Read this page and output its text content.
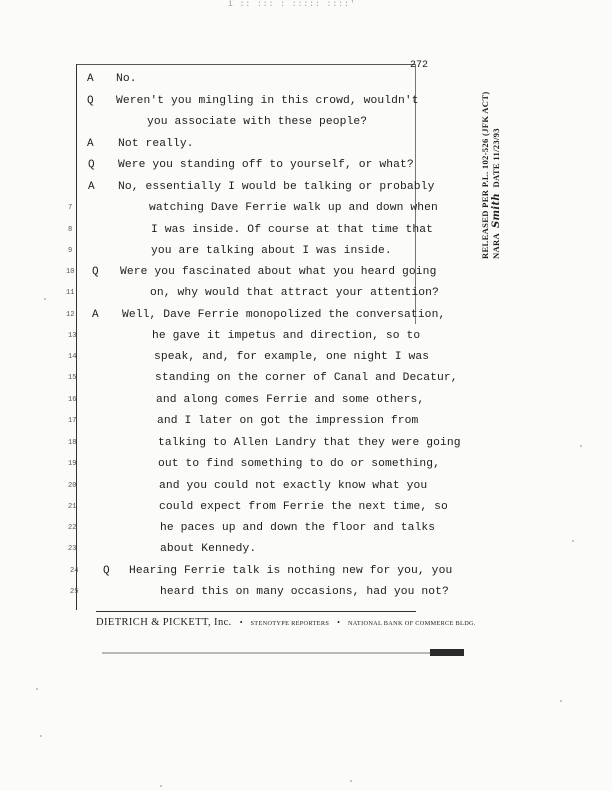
i :: ::: : ::::: ::::'
272
A No.
Q Weren't you mingling in this crowd, wouldn't
you associate with these people?
A Not really.
Q Were you standing off to yourself, or what?
A No, essentially I would be talking or probably
7	watching Dave Ferrie walk up and down when
8	I was inside. Of course at that time that
9	you are talking about I was inside.
10 Q Were you fascinated about what you heard going
11	on, why would that attract your attention?
12 A Well, Dave Ferrie monopolized the conversation,
13	he gave it impetus and direction, so to
14	speak, and, for example, one night I was
15	standing on the corner of Canal and Decatur,
16	and along comes Ferrie and some others,
17	and I later on got the impression from
18	talking to Allen Landry that they were going
19	out to find something to do or something,
20	and you could not exactly know what you
21	could expect from Ferrie the next time, so
22	he paces up and down the floor and talks
23	about Kennedy.
24 Q Hearing Ferrie talk is nothing new for you, you
25	heard this on many occasions, had you not?
DIETRICH & PICKETT, Inc. • STENOTYPE REPORTERS • NATIONAL BANK OF COMMERCE BLDG.
RELEASED PER P.L. 102-526 (JFK ACT) NARA Smith DATE 11/23/93
